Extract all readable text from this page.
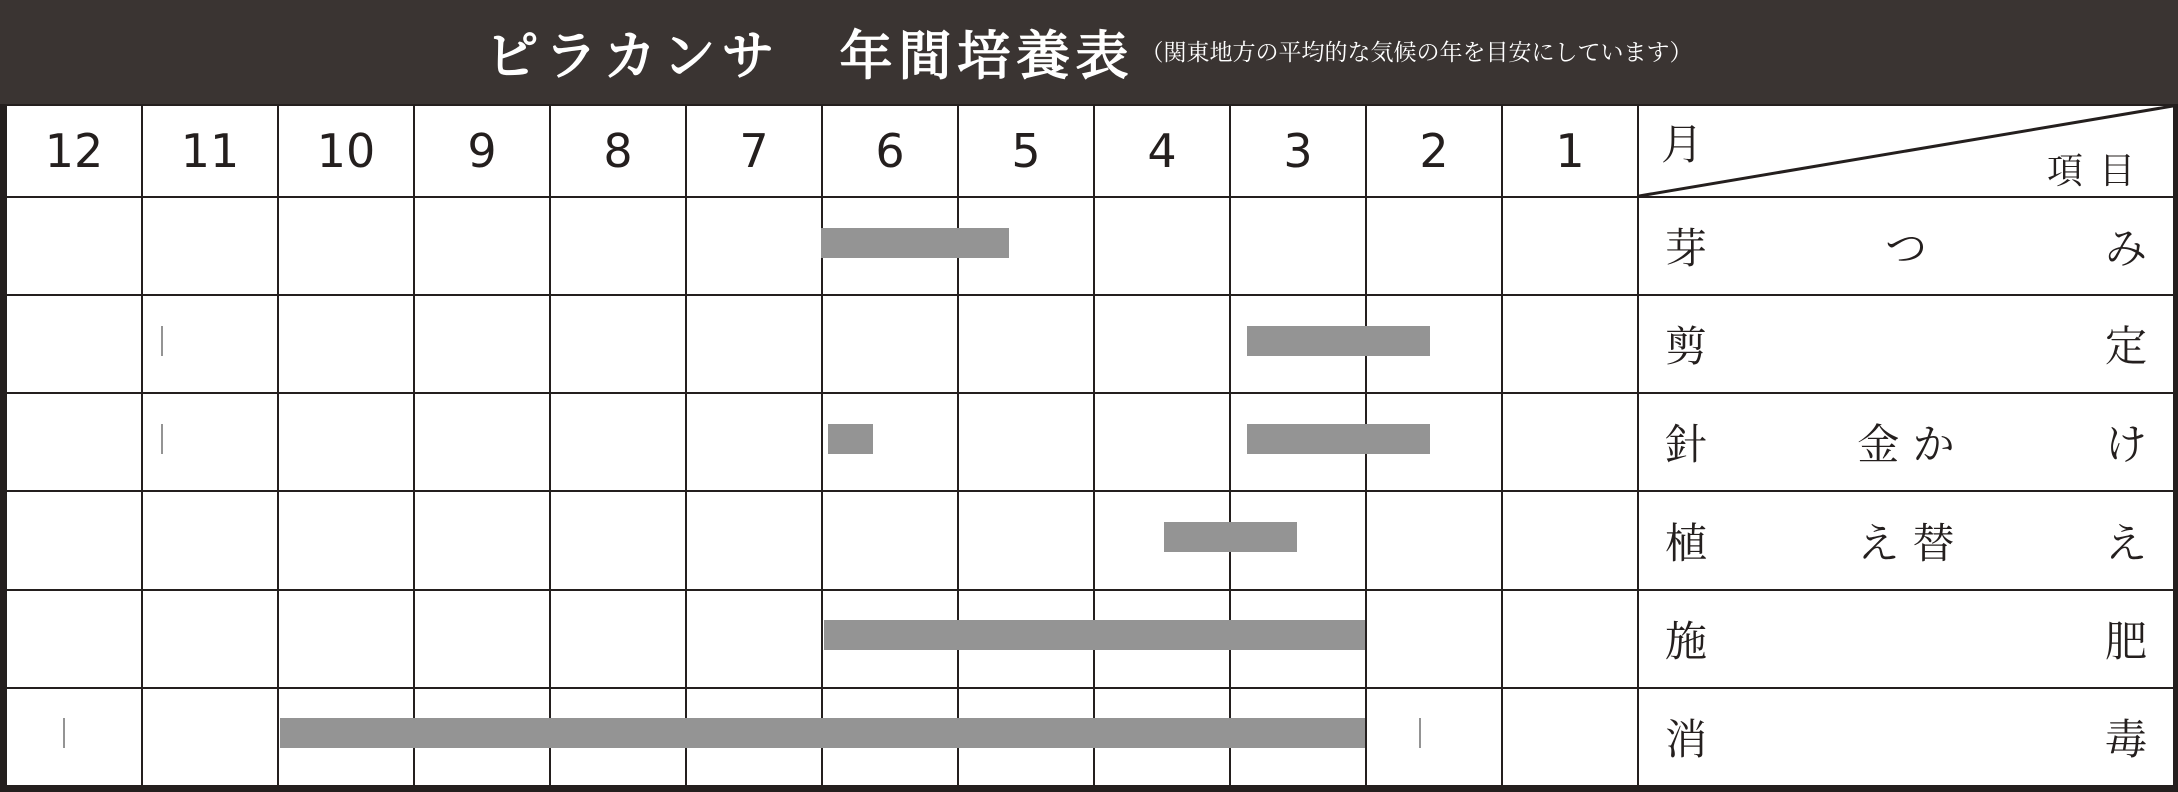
ピラカンサ　年間培養表 （関東地方の平均的な気候の年を目安にしています）
12	11	10	9	8	7	6	5	4	3	2	1	月
項目

												芽 つ み

												剪 定

												針 金 か け

												植 え 替 え

												施 肥

												消 毒
